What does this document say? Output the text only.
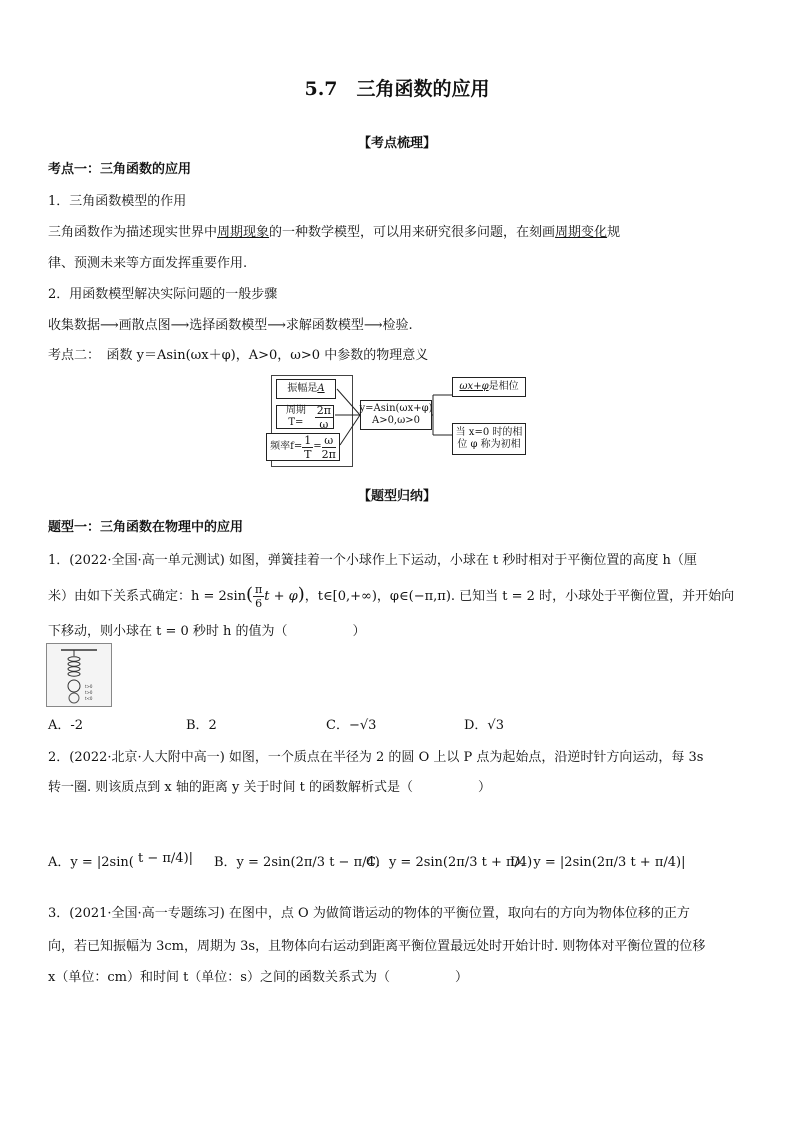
5.7　三角函数的应用
【考点梳理】
考点一：三角函数的应用
1．三角函数模型的作用
三角函数作为描述现实世界中周期现象的一种数学模型，可以用来研究很多问题，在刻画周期变化规
律、预测未来等方面发挥重要作用.
2．用函数模型解决实际问题的一般步骤
收集数据⟶画散点图⟶选择函数模型⟶求解函数模型⟶检验.
考点二：　函数 y＝Asin(ωx＋φ)，A>0，ω>0 中参数的物理意义
振幅是 A
周期 T=	$\frac{2\pi}{\omega}$
频率$f= \frac{1}{T} = \frac{\omega}{2\pi}$
y=Asin(ωx+φ)
A>0,ω>0
ωx+φ 是相位
当 x=0 时的相
位 φ 称为初相
【题型归纳】
题型一：三角函数在物理中的应用
1．(2022·全国·高一单元测试) 如图，弹簧挂着一个小球作上下运动，小球在 t 秒时相对于平衡位置的高度 h（厘
米）由如下关系式确定：$h = 2\sin( \frac{\pi}{6}$ t + φ)，t∈[0,+∞)，φ∈(−π,π). 已知当 t = 2 时，小球处于平衡位置，并开始向
下移动，则小球在 t = 0 秒时 h 的值为（　　　　　）
t>0
t>0
t<0
A．-2	B．2	C．−√3	D．√3
2．(2022·北京·人大附中高一) 如图，一个质点在半径为 2 的圆 O 上以 P 点为起始点，沿逆时针方向运动，每 3s
转一圈. 则该质点到 x 轴的距离 y 关于时间 t 的函数解析式是（　　　　　）
A．y = |2sin( t − π/4)| B．y = 2sin(2π/3 t − π/4)
C．y = 2sin(2π/3 t + π/4)
D．y = |2sin(2π/3 t + π/4)|
3．(2021·全国·高一专题练习) 在图中，点 O 为做简谐运动的物体的平衡位置，取向右的方向为物体位移的正方
向，若已知振幅为 3cm，周期为 3s，且物体向右运动到距离平衡位置最远处时开始计时. 则物体对平衡位置的位移
x（单位：cm）和时间 t（单位：s）之间的函数关系式为（　　　　　）
